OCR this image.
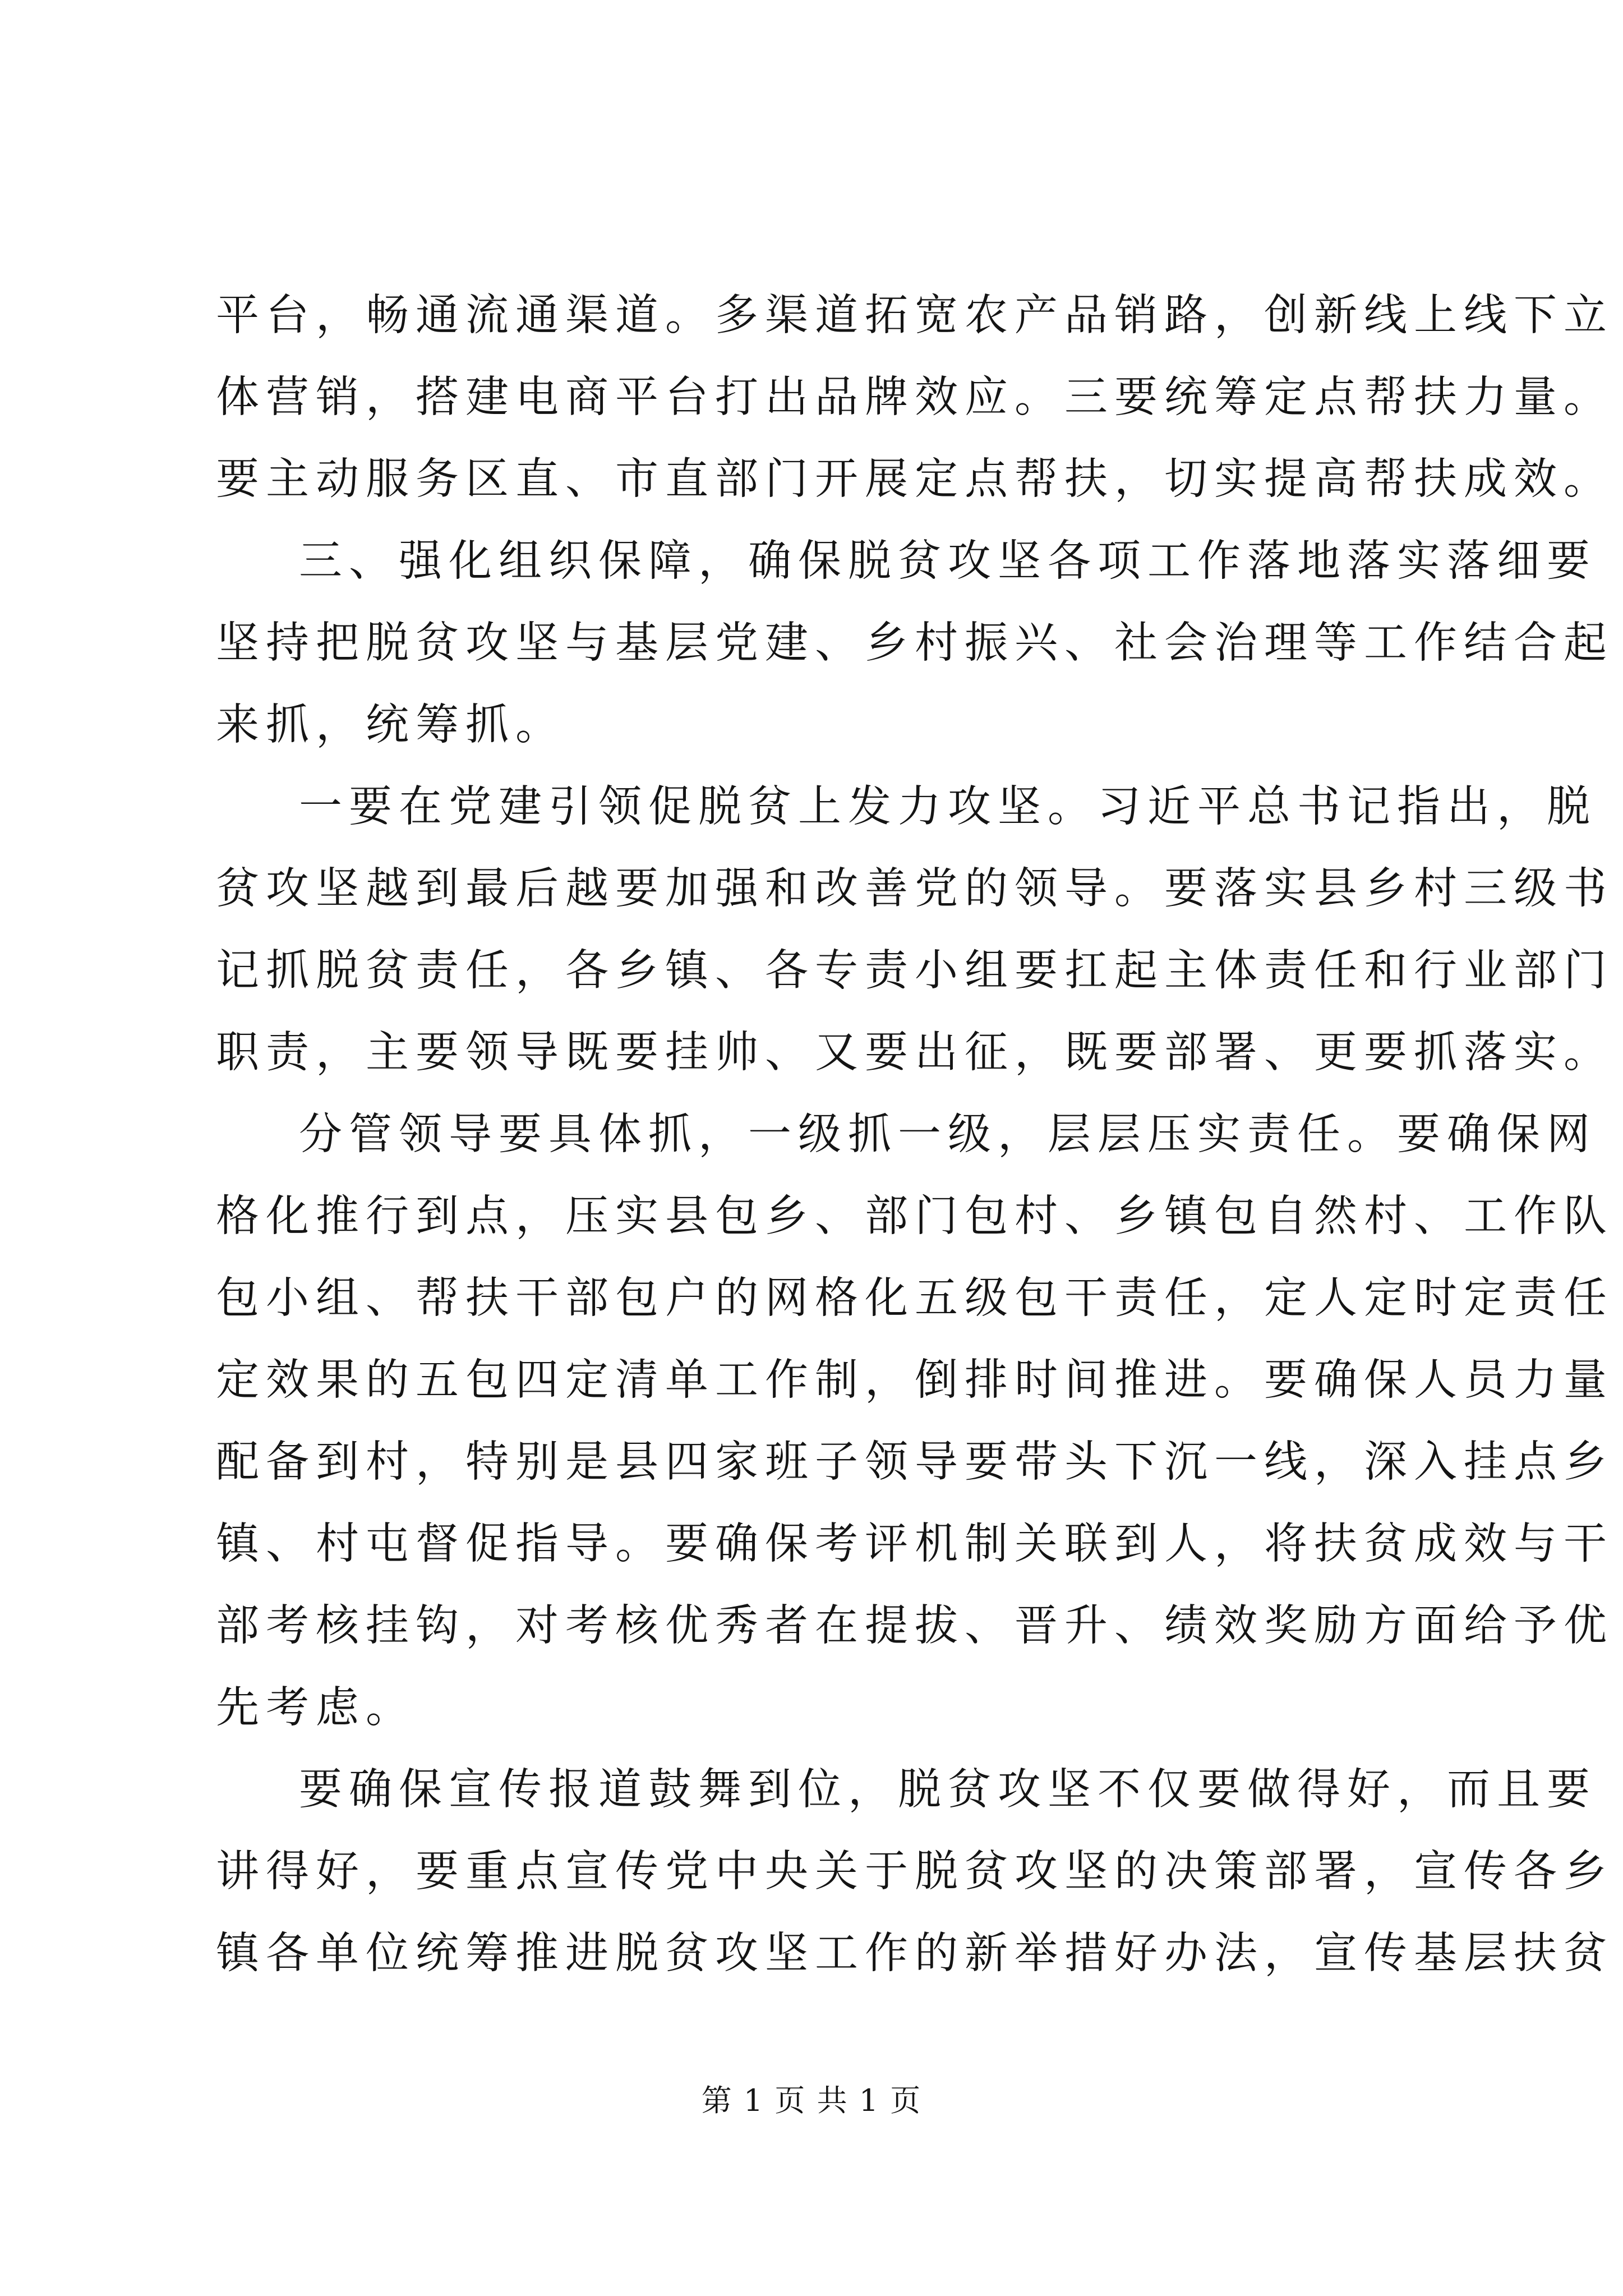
平台，畅通流通渠道。多渠道拓宽农产品销路，创新线上线下立
体营销，搭建电商平台打出品牌效应。三要统筹定点帮扶力量。
要主动服务区直、市直部门开展定点帮扶，切实提高帮扶成效。
三、强化组织保障，确保脱贫攻坚各项工作落地落实落细要
坚持把脱贫攻坚与基层党建、乡村振兴、社会治理等工作结合起
来抓，统筹抓。
一要在党建引领促脱贫上发力攻坚。习近平总书记指出，脱
贫攻坚越到最后越要加强和改善党的领导。要落实县乡村三级书
记抓脱贫责任，各乡镇、各专责小组要扛起主体责任和行业部门
职责，主要领导既要挂帅、又要出征，既要部署、更要抓落实。
分管领导要具体抓，一级抓一级，层层压实责任。要确保网
格化推行到点，压实县包乡、部门包村、乡镇包自然村、工作队
包小组、帮扶干部包户的网格化五级包干责任，定人定时定责任
定效果的五包四定清单工作制，倒排时间推进。要确保人员力量
配备到村，特别是县四家班子领导要带头下沉一线，深入挂点乡
镇、村屯督促指导。要确保考评机制关联到人，将扶贫成效与干
部考核挂钩，对考核优秀者在提拔、晋升、绩效奖励方面给予优
先考虑。
要确保宣传报道鼓舞到位，脱贫攻坚不仅要做得好，而且要
讲得好，要重点宣传党中央关于脱贫攻坚的决策部署，宣传各乡
镇各单位统筹推进脱贫攻坚工作的新举措好办法，宣传基层扶贫
第 1 页 共 1 页
